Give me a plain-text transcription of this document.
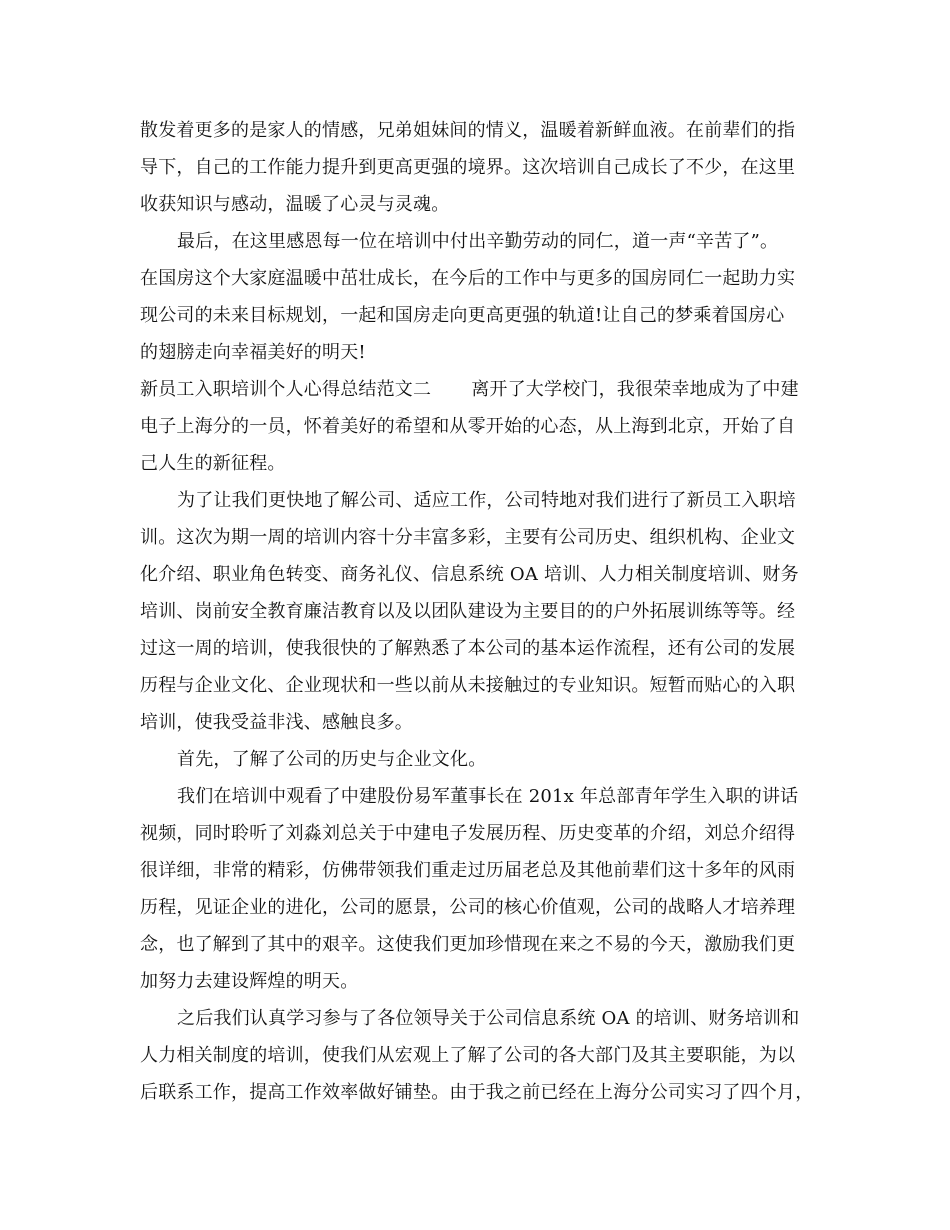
散发着更多的是家人的情感，兄弟姐妹间的情义，温暖着新鲜血液。在前辈们的指
导下，自己的工作能力提升到更高更强的境界。这次培训自己成长了不少，在这里
收获知识与感动，温暖了心灵与灵魂。
最后，在这里感恩每一位在培训中付出辛勤劳动的同仁，道一声“辛苦了”。
在国房这个大家庭温暖中茁壮成长，在今后的工作中与更多的国房同仁一起助力实
现公司的未来目标规划，一起和国房走向更高更强的轨道!让自己的梦乘着国房心
的翅膀走向幸福美好的明天!
新员工入职培训个人心得总结范文二 离开了大学校门，我很荣幸地成为了中建
电子上海分的一员，怀着美好的希望和从零开始的心态，从上海到北京，开始了自
己人生的新征程。
为了让我们更快地了解公司、适应工作，公司特地对我们进行了新员工入职培
训。这次为期一周的培训内容十分丰富多彩，主要有公司历史、组织机构、企业文
化介绍、职业角色转变、商务礼仪、信息系统 OA 培训、人力相关制度培训、财务
培训、岗前安全教育廉洁教育以及以团队建设为主要目的的户外拓展训练等等。经
过这一周的培训，使我很快的了解熟悉了本公司的基本运作流程，还有公司的发展
历程与企业文化、企业现状和一些以前从未接触过的专业知识。短暂而贴心的入职
培训，使我受益非浅、感触良多。
首先，了解了公司的历史与企业文化。
我们在培训中观看了中建股份易军董事长在 201x 年总部青年学生入职的讲话
视频，同时聆听了刘淼刘总关于中建电子发展历程、历史变革的介绍，刘总介绍得
很详细，非常的精彩，仿佛带领我们重走过历届老总及其他前辈们这十多年的风雨
历程，见证企业的进化，公司的愿景，公司的核心价值观，公司的战略人才培养理
念，也了解到了其中的艰辛。这使我们更加珍惜现在来之不易的今天，激励我们更
加努力去建设辉煌的明天。
之后我们认真学习参与了各位领导关于公司信息系统 OA 的培训、财务培训和
人力相关制度的培训，使我们从宏观上了解了公司的各大部门及其主要职能，为以
后联系工作，提高工作效率做好铺垫。由于我之前已经在上海分公司实习了四个月，
